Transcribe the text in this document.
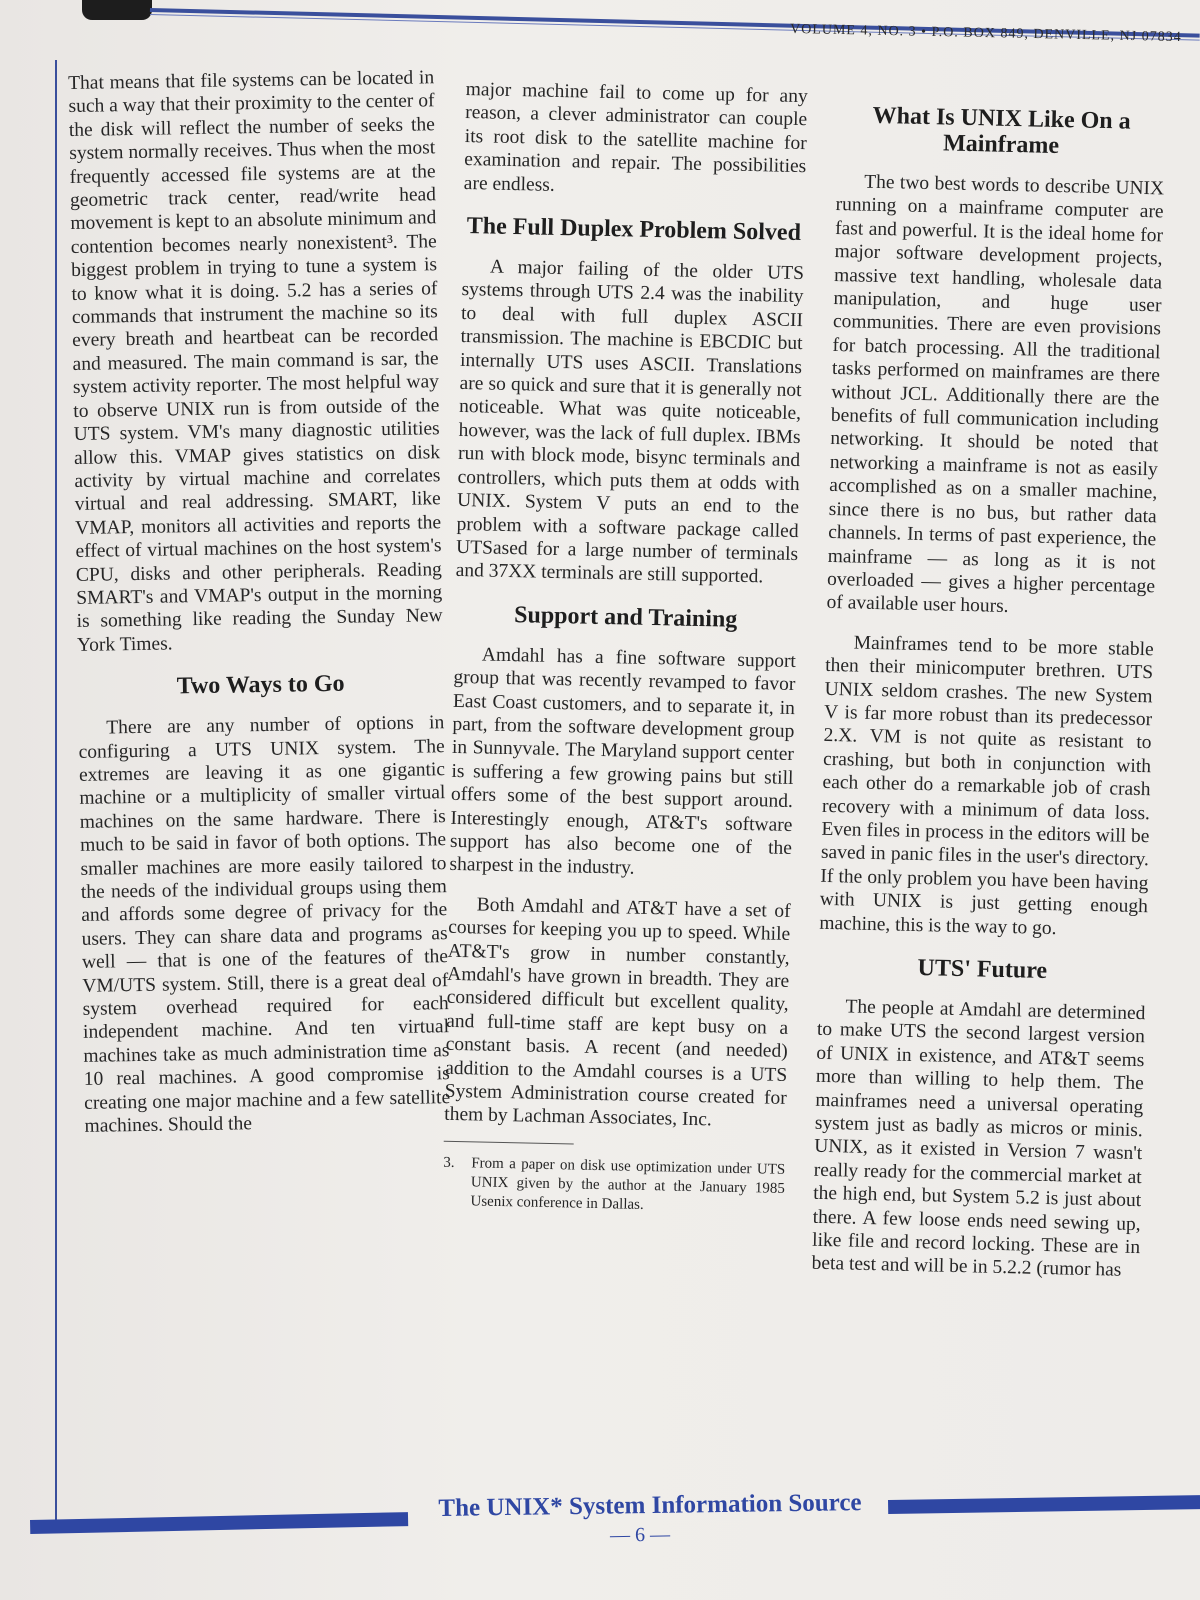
VOLUME 4, NO. 3 • P.O. BOX 849, DENVILLE, NJ 07834

That means that file systems can be located in such a way that their proximity to the center of the disk will reflect the number of seeks the system normally receives. Thus when the most frequently accessed file systems are at the geometric track center, read/write head movement is kept to an absolute minimum and contention becomes nearly nonexistent³. The biggest problem in trying to tune a system is to know what it is doing. 5.2 has a series of commands that instrument the machine so its every breath and heartbeat can be recorded and measured. The main command is sar, the system activity reporter. The most helpful way to observe UNIX run is from outside of the UTS system. VM's many diagnostic utilities allow this. VMAP gives statistics on disk activity by virtual machine and correlates virtual and real addressing. SMART, like VMAP, monitors all activities and reports the effect of virtual machines on the host system's CPU, disks and other peripherals. Reading SMART's and VMAP's output in the morning is something like reading the Sunday New York Times.

Two Ways to Go

There are any number of options in configuring a UTS UNIX system. The extremes are leaving it as one gigantic machine or a multiplicity of smaller virtual machines on the same hardware. There is much to be said in favor of both options. The smaller machines are more easily tailored to the needs of the individual groups using them and affords some degree of privacy for the users. They can share data and programs as well — that is one of the features of the VM/UTS system. Still, there is a great deal of system overhead required for each independent machine. And ten virtual machines take as much administration time as 10 real machines. A good compromise is creating one major machine and a few satellite machines. Should the

major machine fail to come up for any reason, a clever administrator can couple its root disk to the satellite machine for examination and repair. The possibilities are endless.

The Full Duplex Problem Solved

A major failing of the older UTS systems through UTS 2.4 was the inability to deal with full duplex ASCII transmission. The machine is EBCDIC but internally UTS uses ASCII. Translations are so quick and sure that it is generally not noticeable. What was quite noticeable, however, was the lack of full duplex. IBMs run with block mode, bisync terminals and controllers, which puts them at odds with UNIX. System V puts an end to the problem with a software package called UTSased for a large number of terminals and 37XX terminals are still supported.

Support and Training

Amdahl has a fine software support group that was recently revamped to favor East Coast customers, and to separate it, in part, from the software development group in Sunnyvale. The Maryland support center is suffering a few growing pains but still offers some of the best support around. Interestingly enough, AT&T's software support has also become one of the sharpest in the industry.

Both Amdahl and AT&T have a set of courses for keeping you up to speed. While AT&T's grow in number constantly, Amdahl's have grown in breadth. They are considered difficult but excellent quality, and full-time staff are kept busy on a constant basis. A recent (and needed) addition to the Amdahl courses is a UTS System Administration course created for them by Lachman Associates, Inc.

3.	From a paper on disk use optimization under UTS UNIX given by the author at the January 1985 Usenix conference in Dallas.
What Is UNIX Like On a Mainframe

The two best words to describe UNIX running on a mainframe computer are fast and powerful. It is the ideal home for major software development projects, massive text handling, wholesale data manipulation, and huge user communities. There are even provisions for batch processing. All the traditional tasks performed on mainframes are there without JCL. Additionally there are the benefits of full communication including networking. It should be noted that networking a mainframe is not as easily accomplished as on a smaller machine, since there is no bus, but rather data channels. In terms of past experience, the mainframe — as long as it is not overloaded — gives a higher percentage of available user hours.

Mainframes tend to be more stable then their minicomputer brethren. UTS UNIX seldom crashes. The new System V is far more robust than its predecessor 2.X. VM is not quite as resistant to crashing, but both in conjunction with each other do a remarkable job of crash recovery with a minimum of data loss. Even files in process in the editors will be saved in panic files in the user's directory. If the only problem you have been having with UNIX is just getting enough machine, this is the way to go.

UTS' Future

The people at Amdahl are determined to make UTS the second largest version of UNIX in existence, and AT&T seems more than willing to help them. The mainframes need a universal operating system just as badly as micros or minis. UNIX, as it existed in Version 7 wasn't really ready for the commercial market at the high end, but System 5.2 is just about there. A few loose ends need sewing up, like file and record locking. These are in beta test and will be in 5.2.2 (rumor has

The UNIX* System Information Source
— 6 —
